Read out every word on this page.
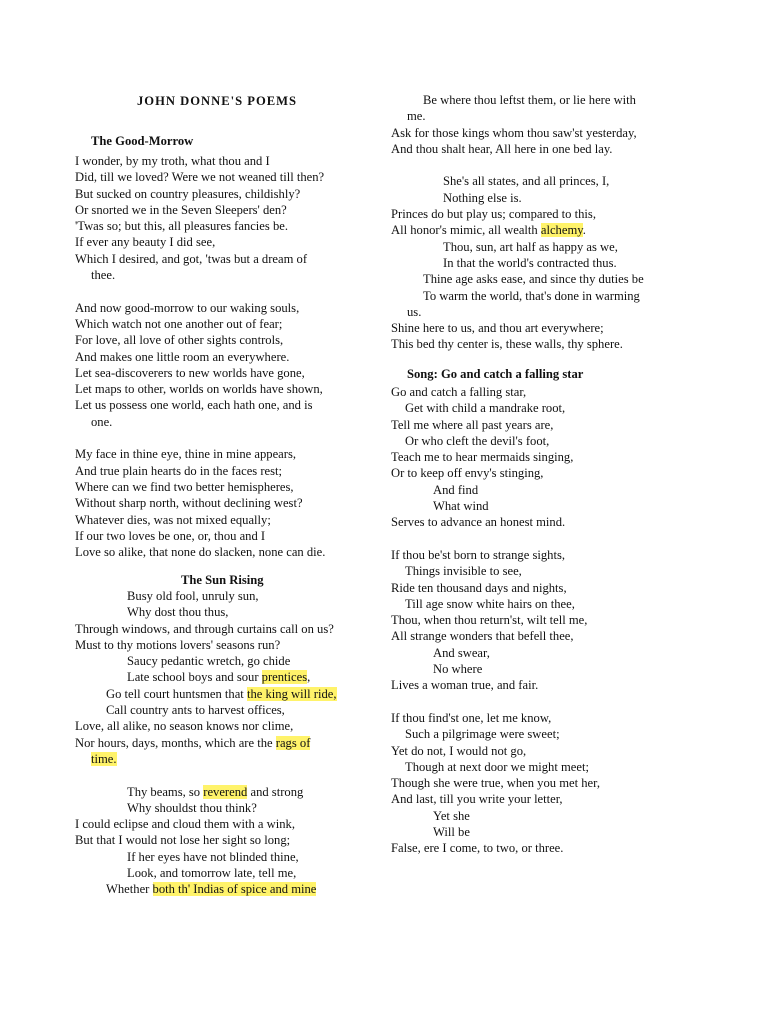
JOHN DONNE'S POEMS
The Good-Morrow
I wonder, by my troth, what thou and I
Did, till we loved? Were we not weaned till then?
But sucked on country pleasures, childishly?
Or snorted we in the Seven Sleepers' den?
'Twas so; but this, all pleasures fancies be.
If ever any beauty I did see,
Which I desired, and got, 'twas but a dream of
thee.

And now good-morrow to our waking souls,
Which watch not one another out of fear;
For love, all love of other sights controls,
And makes one little room an everywhere.
Let sea-discoverers to new worlds have gone,
Let maps to other, worlds on worlds have shown,
Let us possess one world, each hath one, and is
one.

My face in thine eye, thine in mine appears,
And true plain hearts do in the faces rest;
Where can we find two better hemispheres,
Without sharp north, without declining west?
Whatever dies, was not mixed equally;
If our two loves be one, or, thou and I
Love so alike, that none do slacken, none can die.
The Sun Rising
Busy old fool, unruly sun,
Why dost thou thus,
Through windows, and through curtains call on us?
Must to thy motions lovers' seasons run?
Saucy pedantic wretch, go chide
Late school boys and sour prentices,
Go tell court huntsmen that the king will ride,
Call country ants to harvest offices,
Love, all alike, no season knows nor clime,
Nor hours, days, months, which are the rags of
time.

Thy beams, so reverend and strong
Why shouldst thou think?
I could eclipse and cloud them with a wink,
But that I would not lose her sight so long;
If her eyes have not blinded thine,
Look, and tomorrow late, tell me,
Whether both th' Indias of spice and mine
Be where thou leftst them, or lie here with
me.
Ask for those kings whom thou saw'st yesterday,
And thou shalt hear, All here in one bed lay.

She's all states, and all princes, I,
Nothing else is.
Princes do but play us; compared to this,
All honor's mimic, all wealth alchemy.
Thou, sun, art half as happy as we,
In that the world's contracted thus.
Thine age asks ease, and since thy duties be
To warm the world, that's done in warming
us.
Shine here to us, and thou art everywhere;
This bed thy center is, these walls, thy sphere.
Song: Go and catch a falling star
Go and catch a falling star,
Get with child a mandrake root,
Tell me where all past years are,
Or who cleft the devil's foot,
Teach me to hear mermaids singing,
Or to keep off envy's stinging,
And find
What wind
Serves to advance an honest mind.

If thou be'st born to strange sights,
Things invisible to see,
Ride ten thousand days and nights,
Till age snow white hairs on thee,
Thou, when thou return'st, wilt tell me,
All strange wonders that befell thee,
And swear,
No where
Lives a woman true, and fair.

If thou find'st one, let me know,
Such a pilgrimage were sweet;
Yet do not, I would not go,
Though at next door we might meet;
Though she were true, when you met her,
And last, till you write your letter,
Yet she
Will be
False, ere I come, to two, or three.
